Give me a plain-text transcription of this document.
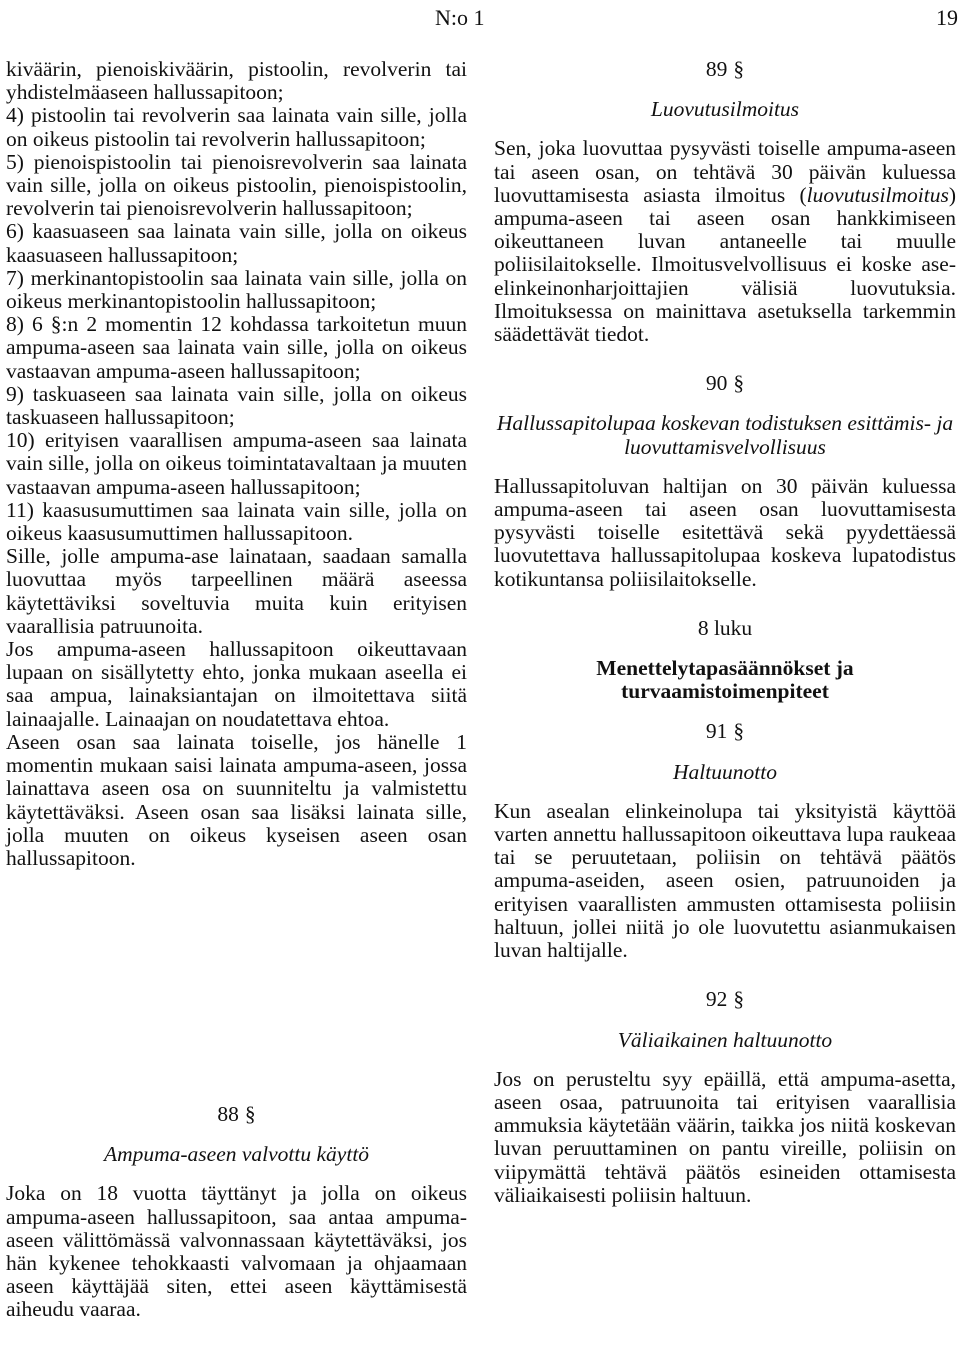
N:o 1	19

kiväärin, pienoiskiväärin, pistoolin, revolverin tai yhdistelmäaseen hallussapitoon;

4) pistoolin tai revolverin saa lainata vain sille, jolla on oikeus pistoolin tai revolverin hallussapitoon;

5) pienoispistoolin tai pienoisrevolverin saa lainata vain sille, jolla on oikeus pistoolin, pienoispistoolin, revolverin tai pienoisrevolverin hallussapitoon;

6) kaasuaseen saa lainata vain sille, jolla on oikeus kaasuaseen hallussapitoon;

7) merkinantopistoolin saa lainata vain sille, jolla on oikeus merkinantopistoolin hallussapitoon;

8) 6 §:n 2 momentin 12 kohdassa tarkoitetun muun ampuma-aseen saa lainata vain sille, jolla on oikeus vastaavan ampuma-aseen hallussapitoon;

9) taskuaseen saa lainata vain sille, jolla on oikeus taskuaseen hallussapitoon;

10) erityisen vaarallisen ampuma-aseen saa lainata vain sille, jolla on oikeus toimintatavaltaan ja muuten vastaavan ampuma-aseen hallussapitoon;

11) kaasusumuttimen saa lainata vain sille, jolla on oikeus kaasusumuttimen hallussapitoon.

Sille, jolle ampuma-ase lainataan, saadaan samalla luovuttaa myös tarpeellinen määrä aseessa käytettäviksi soveltuvia muita kuin erityisen vaarallisia patruunoita.

Jos ampuma-aseen hallussapitoon oikeuttavaan lupaan on sisällytetty ehto, jonka mukaan aseella ei saa ampua, lainaksiantajan on ilmoitettava siitä lainaajalle. Lainaajan on noudatettava ehtoa.

Aseen osan saa lainata toiselle, jos hänelle 1 momentin mukaan saisi lainata ampuma-aseen, jossa lainattava aseen osa on suunniteltu ja valmistettu käytettäväksi. Aseen osan saa lisäksi lainata sille, jolla muuten on oikeus kyseisen aseen osan hallussapitoon.

88 §
Ampuma-aseen valvottu käyttö

Joka on 18 vuotta täyttänyt ja jolla on oikeus ampuma-aseen hallussapitoon, saa antaa ampuma-aseen välittömässä valvonnassaan käytettäväksi, jos hän kykenee tehokkaasti valvomaan ja ohjaamaan aseen käyttäjää siten, ettei aseen käyttämisestä aiheudu vaaraa.

89 §
Luovutusilmoitus

Sen, joka luovuttaa pysyvästi toiselle ampuma-aseen tai aseen osan, on tehtävä 30 päivän kuluessa luovuttamisesta asiasta ilmoitus (luovutusilmoitus) ampuma-aseen tai aseen osan hankkimiseen oikeuttaneen luvan antaneelle tai muulle poliisilaitokselle. Ilmoitusvelvollisuus ei koske ase-elinkeinonharjoittajien välisiä luovutuksia. Ilmoituksessa on mainittava asetuksella tarkemmin säädettävät tiedot.

90 §
Hallussapitolupaa koskevan todistuksen esittämis- ja luovuttamisvelvollisuus

Hallussapitoluvan haltijan on 30 päivän kuluessa ampuma-aseen tai aseen osan luovuttamisesta pysyvästi toiselle esitettävä sekä pyydettäessä luovutettava hallussapitolupaa koskeva lupatodistus kotikuntansa poliisilaitokselle.

8 luku
Menettelytapasäännökset ja turvaamistoimenpiteet
91 §
Haltuunotto

Kun asealan elinkeinolupa tai yksityistä käyttöä varten annettu hallussapitoon oikeuttava lupa raukeaa tai se peruutetaan, poliisin on tehtävä päätös ampuma-aseiden, aseen osien, patruunoiden ja erityisen vaarallisten ammusten ottamisesta poliisin haltuun, jollei niitä jo ole luovutettu asianmukaisen luvan haltijalle.

92 §
Väliaikainen haltuunotto

Jos on perusteltu syy epäillä, että ampuma-asetta, aseen osaa, patruunoita tai erityisen vaarallisia ammuksia käytetään väärin, taikka jos niitä koskevan luvan peruuttaminen on pantu vireille, poliisin on viipymättä tehtävä päätös esineiden ottamisesta väliaikaisesti poliisin haltuun.
